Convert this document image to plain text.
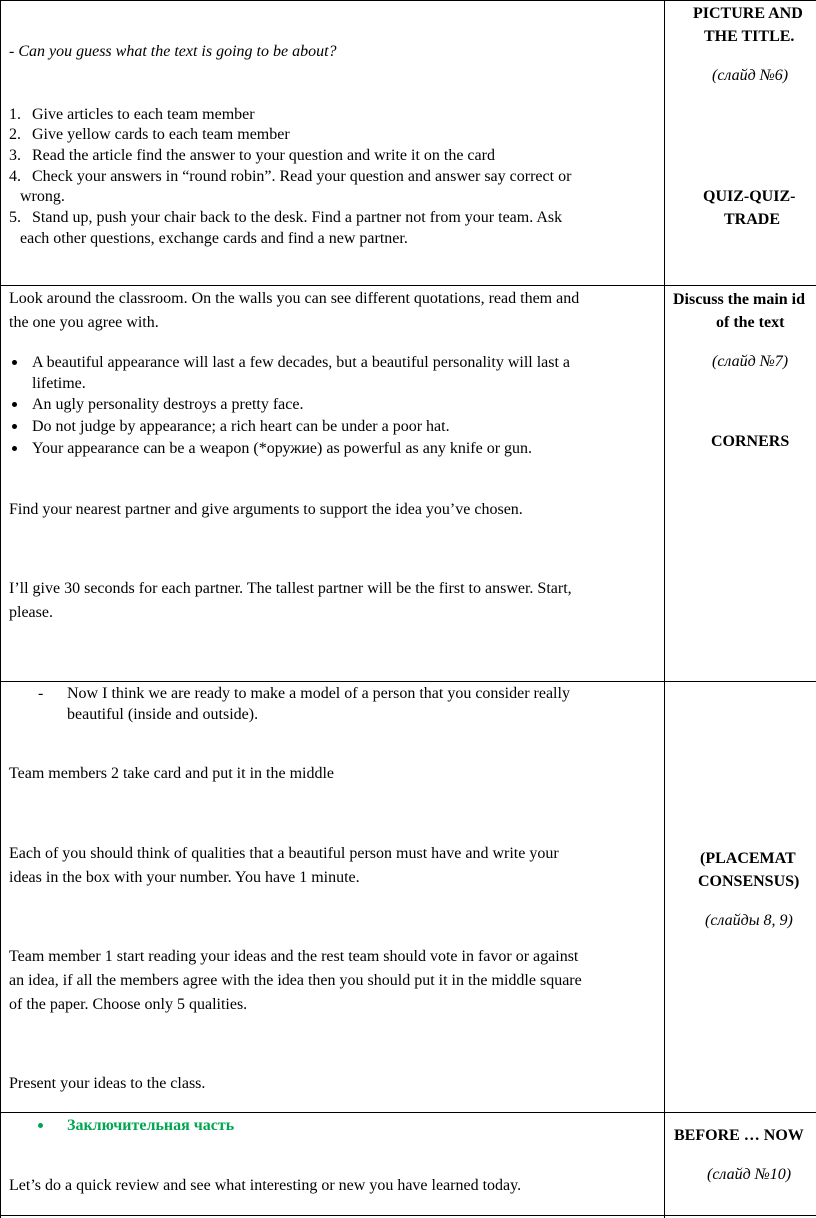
- Can you guess what the text is going to be about?
1. Give articles to each team member
2. Give yellow cards to each team member
3. Read the article find the answer to your question and write it on the card
4. Check your answers in “round robin”. Read your question and answer say correct or
wrong.
5. Stand up, push your chair back to the desk. Find a partner not from your team. Ask
each other questions, exchange cards and find a new partner.
PICTURE AND
THE TITLE.
(слайд №6)
QUIZ-QUIZ-
TRADE
Look around the classroom. On the walls you can see different quotations, read them and
the one you agree with.
A beautiful appearance will last a few decades, but a beautiful personality will last a
lifetime.
An ugly personality destroys a pretty face.
Do not judge by appearance; a rich heart can be under a poor hat.
Your appearance can be a weapon (*оружие) as powerful as any knife or gun.
Find your nearest partner and give arguments to support the idea you’ve chosen.
I’ll give 30 seconds for each partner. The tallest partner will be the first to answer. Start,
please.
Discuss the main id
of the text
(слайд №7)
CORNERS
- Now I think we are ready to make a model of a person that you consider really
beautiful (inside and outside).
Team members 2 take card and put it in the middle
Each of you should think of qualities that a beautiful person must have and write your
ideas in the box with your number. You have 1 minute.
Team member 1 start reading your ideas and the rest team should vote in favor or against
an idea, if all the members agree with the idea then you should put it in the middle square
of the paper. Choose only 5 qualities.
Present your ideas to the class.
(PLACEMAT
CONSENSUS)
(слайды 8, 9)
Заключительная часть
Let’s do a quick review and see what interesting or new you have learned today.
BEFORE … NOW
(слайд №10)
